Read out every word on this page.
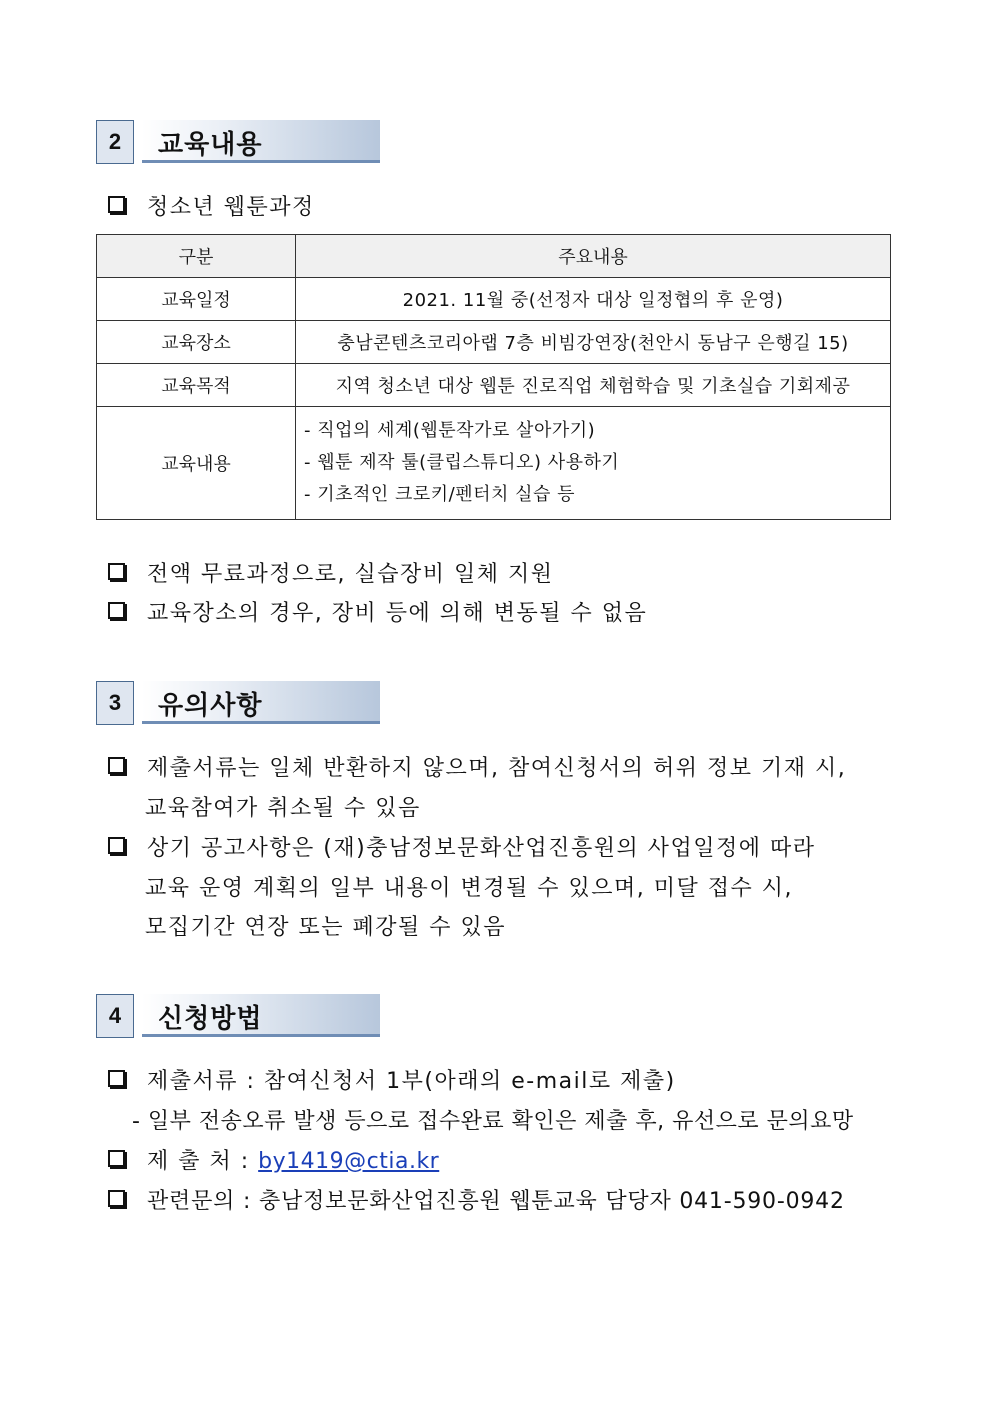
2	교육내용
청소년 웹툰과정
구분	주요내용
교육일정	2021. 11월 중(선정자 대상 일정협의 후 운영)
교육장소	충남콘텐츠코리아랩 7층 비빔강연장(천안시 동남구 은행길 15)
교육목적	지역 청소년 대상 웹툰 진로직업 체험학습 및 기초실습 기회제공
교육내용	- 직업의 세계(웹툰작가로 살아가기)
- 웹툰 제작 툴(클립스튜디오) 사용하기
- 기초적인 크로키/펜터치 실습 등
전액 무료과정으로, 실습장비 일체 지원
교육장소의 경우, 장비 등에 의해 변동될 수 없음
3	유의사항
제출서류는 일체 반환하지 않으며, 참여신청서의 허위 정보 기재 시,
교육참여가 취소될 수 있음
상기 공고사항은 (재)충남정보문화산업진흥원의 사업일정에 따라
교육 운영 계획의 일부 내용이 변경될 수 있으며, 미달 접수 시,
모집기간 연장 또는 폐강될 수 있음
4	신청방법
제출서류 : 참여신청서 1부(아래의 e-mail로 제출)
- 일부 전송오류 발생 등으로 접수완료 확인은 제출 후, 유선으로 문의요망
제 출 처 : by1419@ctia.kr
관련문의 : 충남정보문화산업진흥원 웹툰교육 담당자 041-590-0942
